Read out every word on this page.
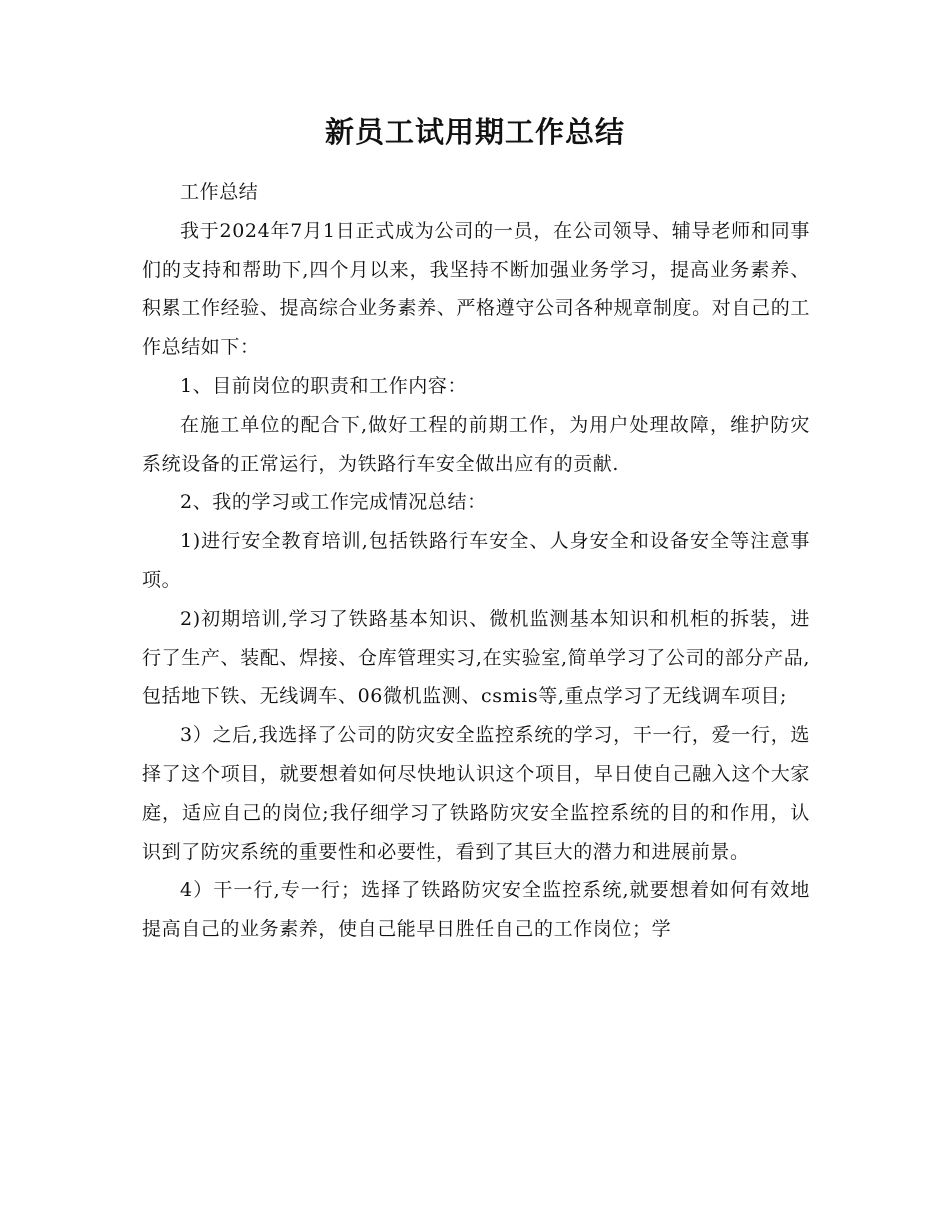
新员工试用期工作总结

工作总结

我于2024年7月1日正式成为公司的一员，在公司领导、辅导老师和同事们的支持和帮助下,四个月以来，我坚持不断加强业务学习，提高业务素养、积累工作经验、提高综合业务素养、严格遵守公司各种规章制度。对自己的工作总结如下：

1、目前岗位的职责和工作内容：

在施工单位的配合下,做好工程的前期工作，为用户处理故障，维护防灾系统设备的正常运行，为铁路行车安全做出应有的贡献.

2、我的学习或工作完成情况总结：

1)进行安全教育培训,包括铁路行车安全、人身安全和设备安全等注意事项。

2)初期培训,学习了铁路基本知识、微机监测基本知识和机柜的拆装，进行了生产、装配、焊接、仓库管理实习,在实验室,简单学习了公司的部分产品,包括地下铁、无线调车、06微机监测、csmis等,重点学习了无线调车项目;

3）之后,我选择了公司的防灾安全监控系统的学习，干一行，爱一行，选择了这个项目，就要想着如何尽快地认识这个项目，早日使自己融入这个大家庭，适应自己的岗位;我仔细学习了铁路防灾安全监控系统的目的和作用，认识到了防灾系统的重要性和必要性，看到了其巨大的潜力和进展前景。

4）干一行,专一行；选择了铁路防灾安全监控系统,就要想着如何有效地提高自己的业务素养，使自己能早日胜任自己的工作岗位；学
